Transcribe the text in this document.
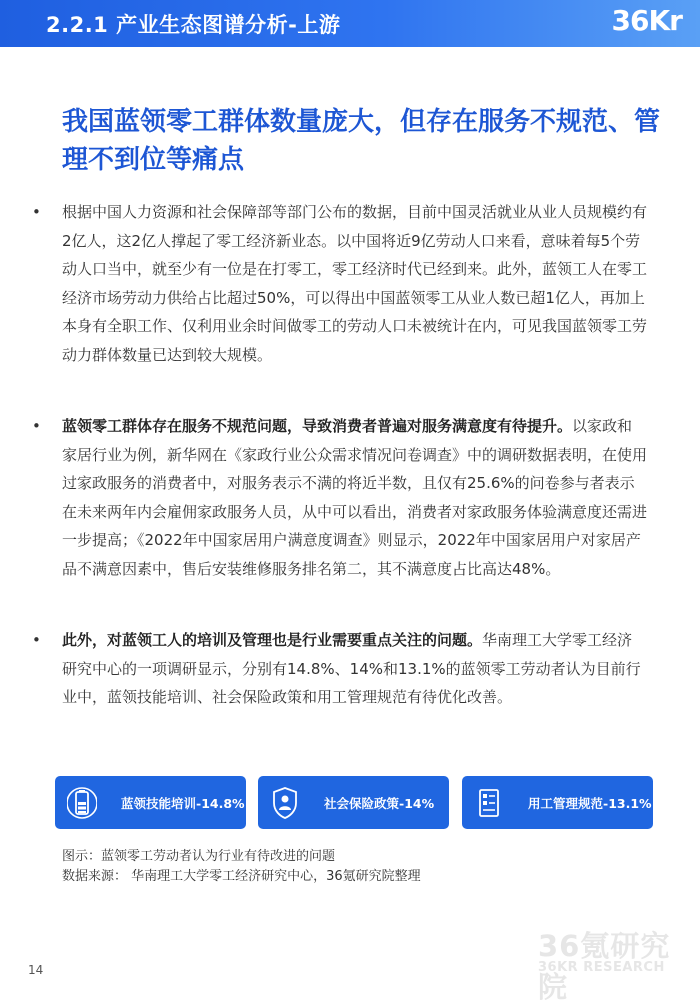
2.2.1 产业生态图谱分析-上游	36Kr
我国蓝领零工群体数量庞大，但存在服务不规范、管理不到位等痛点

• 根据中国人力资源和社会保障部等部门公布的数据，目前中国灵活就业从业人员规模约有2亿人，这2亿人撑起了零工经济新业态。以中国将近9亿劳动人口来看，意味着每5个劳动人口当中，就至少有一位是在打零工，零工经济时代已经到来。此外，蓝领工人在零工经济市场劳动力供给占比超过50%，可以得出中国蓝领零工从业人数已超1亿人，再加上本身有全职工作、仅利用业余时间做零工的劳动人口未被统计在内，可见我国蓝领零工劳动力群体数量已达到较大规模。

• 蓝领零工群体存在服务不规范问题，导致消费者普遍对服务满意度有待提升。以家政和家居行业为例，新华网在《家政行业公众需求情况问卷调查》中的调研数据表明，在使用过家政服务的消费者中，对服务表示不满的将近半数，且仅有25.6%的问卷参与者表示在未来两年内会雇佣家政服务人员，从中可以看出，消费者对家政服务体验满意度还需进一步提高；《2022年中国家居用户满意度调查》则显示，2022年中国家居用户对家居产品不满意因素中，售后安装维修服务排名第二，其不满意度占比高达48%。

• 此外，对蓝领工人的培训及管理也是行业需要重点关注的问题。华南理工大学零工经济研究中心的一项调研显示，分别有14.8%、14%和13.1%的蓝领零工劳动者认为目前行业中，蓝领技能培训、社会保险政策和用工管理规范有待优化改善。

蓝领技能培训-14.8%	社会保险政策-14%	用工管理规范-13.1%

图示：蓝领零工劳动者认为行业有待改进的问题

数据来源： 华南理工大学零工经济研究中心，36氪研究院整理

36氪研究院
36KR RESEARCH
14
